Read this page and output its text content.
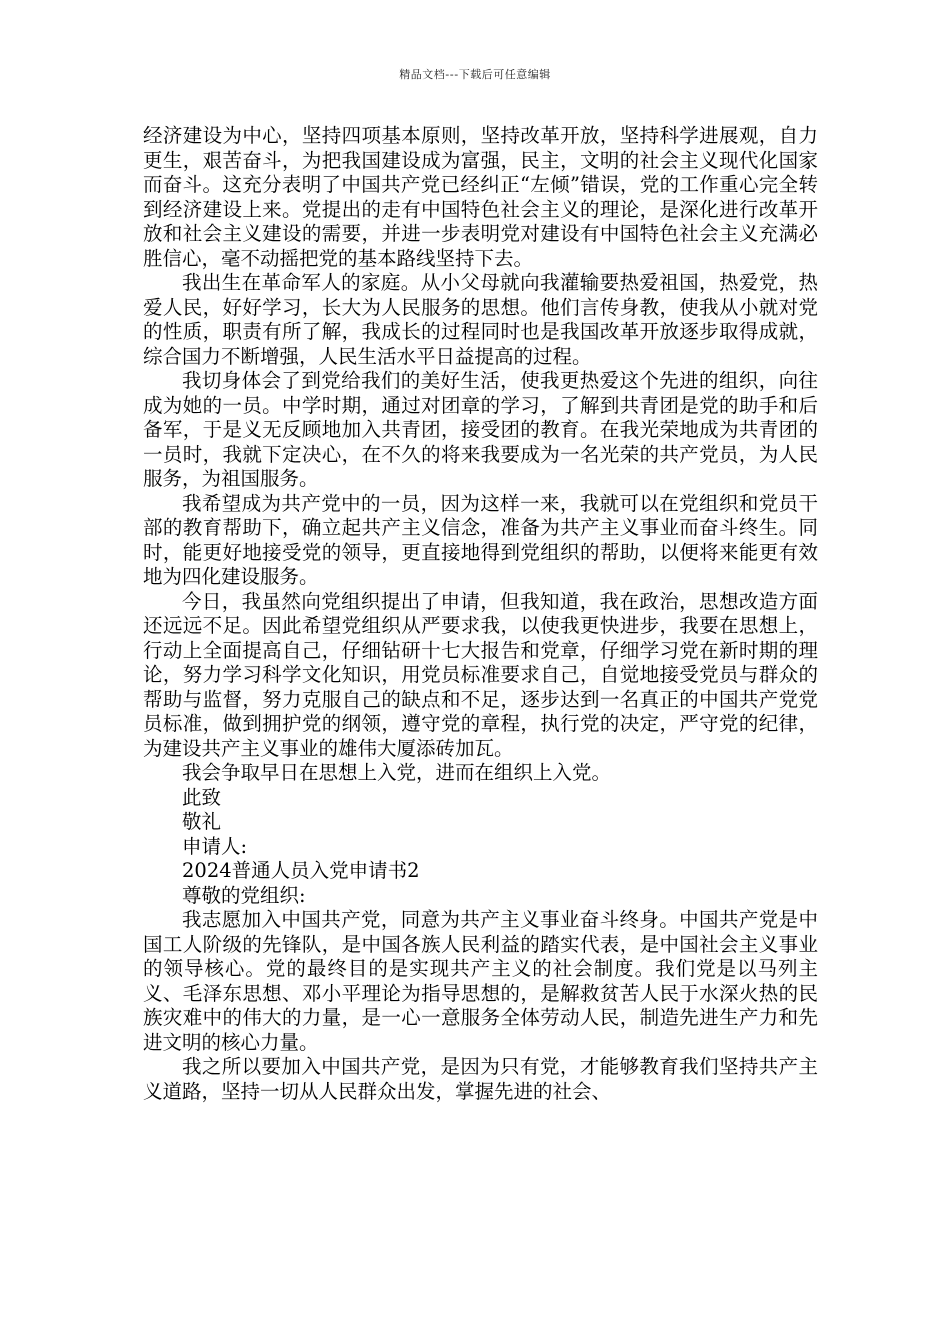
精品文档---下载后可任意编辑

经济建设为中心，坚持四项基本原则，坚持改革开放，坚持科学进展观，自力更生，艰苦奋斗，为把我国建设成为富强，民主，文明的社会主义现代化国家而奋斗。这充分表明了中国共产党已经纠正“左倾”错误，党的工作重心完全转到经济建设上来。党提出的走有中国特色社会主义的理论，是深化进行改革开放和社会主义建设的需要，并进一步表明党对建设有中国特色社会主义充满必胜信心，毫不动摇把党的基本路线坚持下去。

我出生在革命军人的家庭。从小父母就向我灌输要热爱祖国，热爱党，热爱人民，好好学习，长大为人民服务的思想。他们言传身教，使我从小就对党的性质，职责有所了解，我成长的过程同时也是我国改革开放逐步取得成就，综合国力不断增强，人民生活水平日益提高的过程。

我切身体会了到党给我们的美好生活，使我更热爱这个先进的组织，向往成为她的一员。中学时期，通过对团章的学习，了解到共青团是党的助手和后备军，于是义无反顾地加入共青团，接受团的教育。在我光荣地成为共青团的一员时，我就下定决心，在不久的将来我要成为一名光荣的共产党员，为人民服务，为祖国服务。

我希望成为共产党中的一员，因为这样一来，我就可以在党组织和党员干部的教育帮助下，确立起共产主义信念，准备为共产主义事业而奋斗终生。同时，能更好地接受党的领导，更直接地得到党组织的帮助，以便将来能更有效地为四化建设服务。

今日，我虽然向党组织提出了申请，但我知道，我在政治，思想改造方面还远远不足。因此希望党组织从严要求我，以使我更快进步，我要在思想上，行动上全面提高自己，仔细钻研十七大报告和党章，仔细学习党在新时期的理论，努力学习科学文化知识，用党员标准要求自己，自觉地接受党员与群众的帮助与监督，努力克服自己的缺点和不足，逐步达到一名真正的中国共产党党员标准，做到拥护党的纲领，遵守党的章程，执行党的决定，严守党的纪律，为建设共产主义事业的雄伟大厦添砖加瓦。

我会争取早日在思想上入党，进而在组织上入党。

此致

敬礼

申请人:

2024普通人员入党申请书2

尊敬的党组织:

我志愿加入中国共产党，同意为共产主义事业奋斗终身。中国共产党是中国工人阶级的先锋队，是中国各族人民利益的踏实代表，是中国社会主义事业的领导核心。党的最终目的是实现共产主义的社会制度。我们党是以马列主义、毛泽东思想、邓小平理论为指导思想的，是解救贫苦人民于水深火热的民族灾难中的伟大的力量，是一心一意服务全体劳动人民，制造先进生产力和先进文明的核心力量。

我之所以要加入中国共产党，是因为只有党，才能够教育我们坚持共产主义道路，坚持一切从人民群众出发，掌握先进的社会、
